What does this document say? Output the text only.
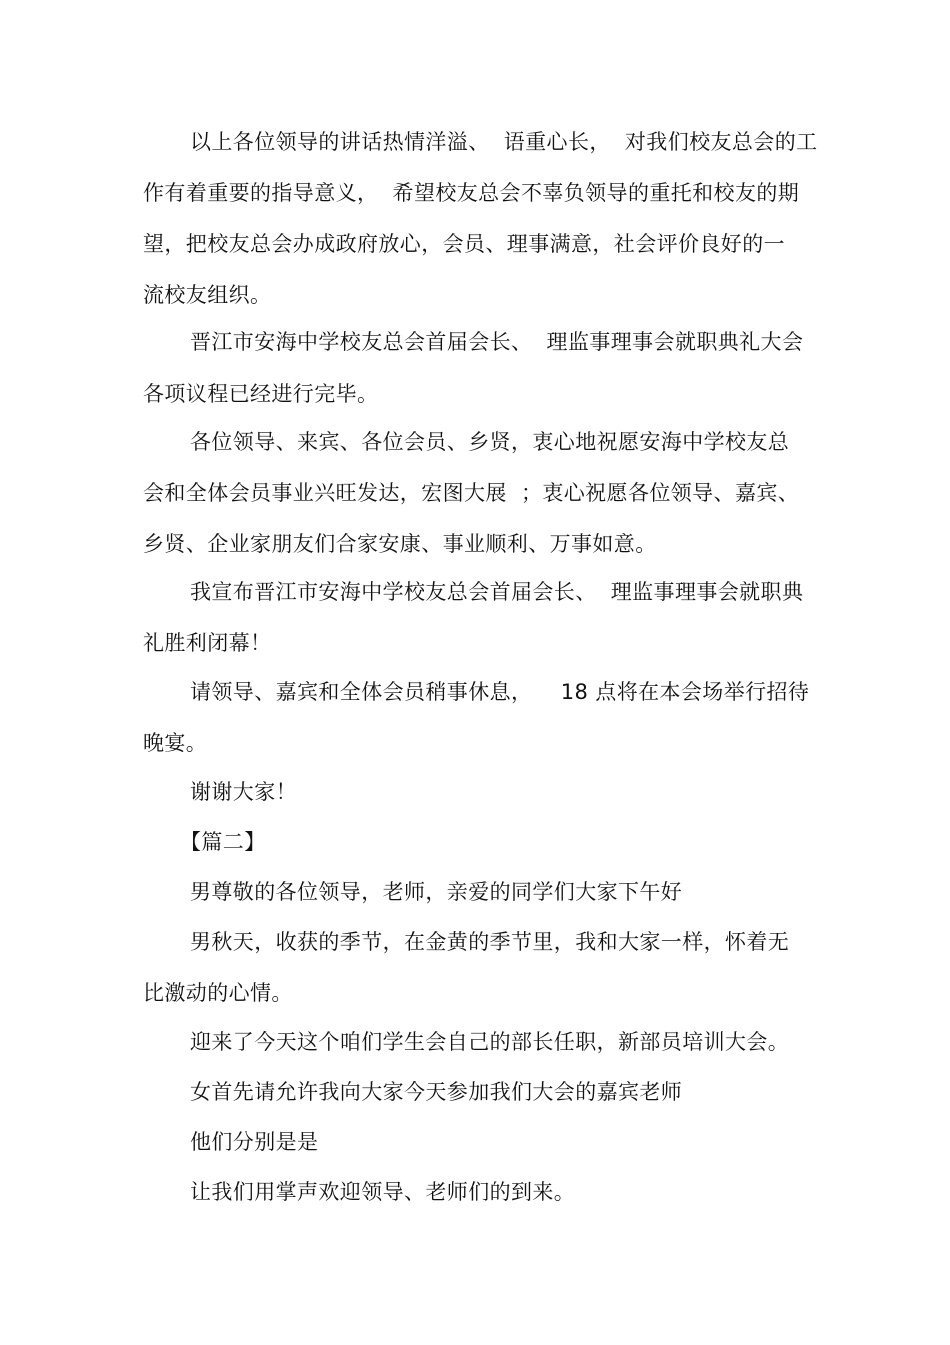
以上各位领导的讲话热情洋溢、  语重心长，  对我们校友总会的工
作有着重要的指导意义，  希望校友总会不辜负领导的重托和校友的期
望，把校友总会办成政府放心，会员、理事满意，社会评价良好的一
流校友组织。
晋江市安海中学校友总会首届会长、  理监事理事会就职典礼大会
各项议程已经进行完毕。
各位领导、来宾、各位会员、乡贤，衷心地祝愿安海中学校友总
会和全体会员事业兴旺发达，宏图大展  ；衷心祝愿各位领导、嘉宾、
乡贤、企业家朋友们合家安康、事业顺利、万事如意。
我宣布晋江市安海中学校友总会首届会长、  理监事理事会就职典
礼胜利闭幕！
请领导、嘉宾和全体会员稍事休息，    18 点将在本会场举行招待
晚宴。
谢谢大家！
【篇二】
男尊敬的各位领导，老师，亲爱的同学们大家下午好
男秋天，收获的季节，在金黄的季节里，我和大家一样，怀着无
比激动的心情。
迎来了今天这个咱们学生会自己的部长任职，新部员培训大会。
女首先请允许我向大家今天参加我们大会的嘉宾老师
他们分别是是
让我们用掌声欢迎领导、老师们的到来。
